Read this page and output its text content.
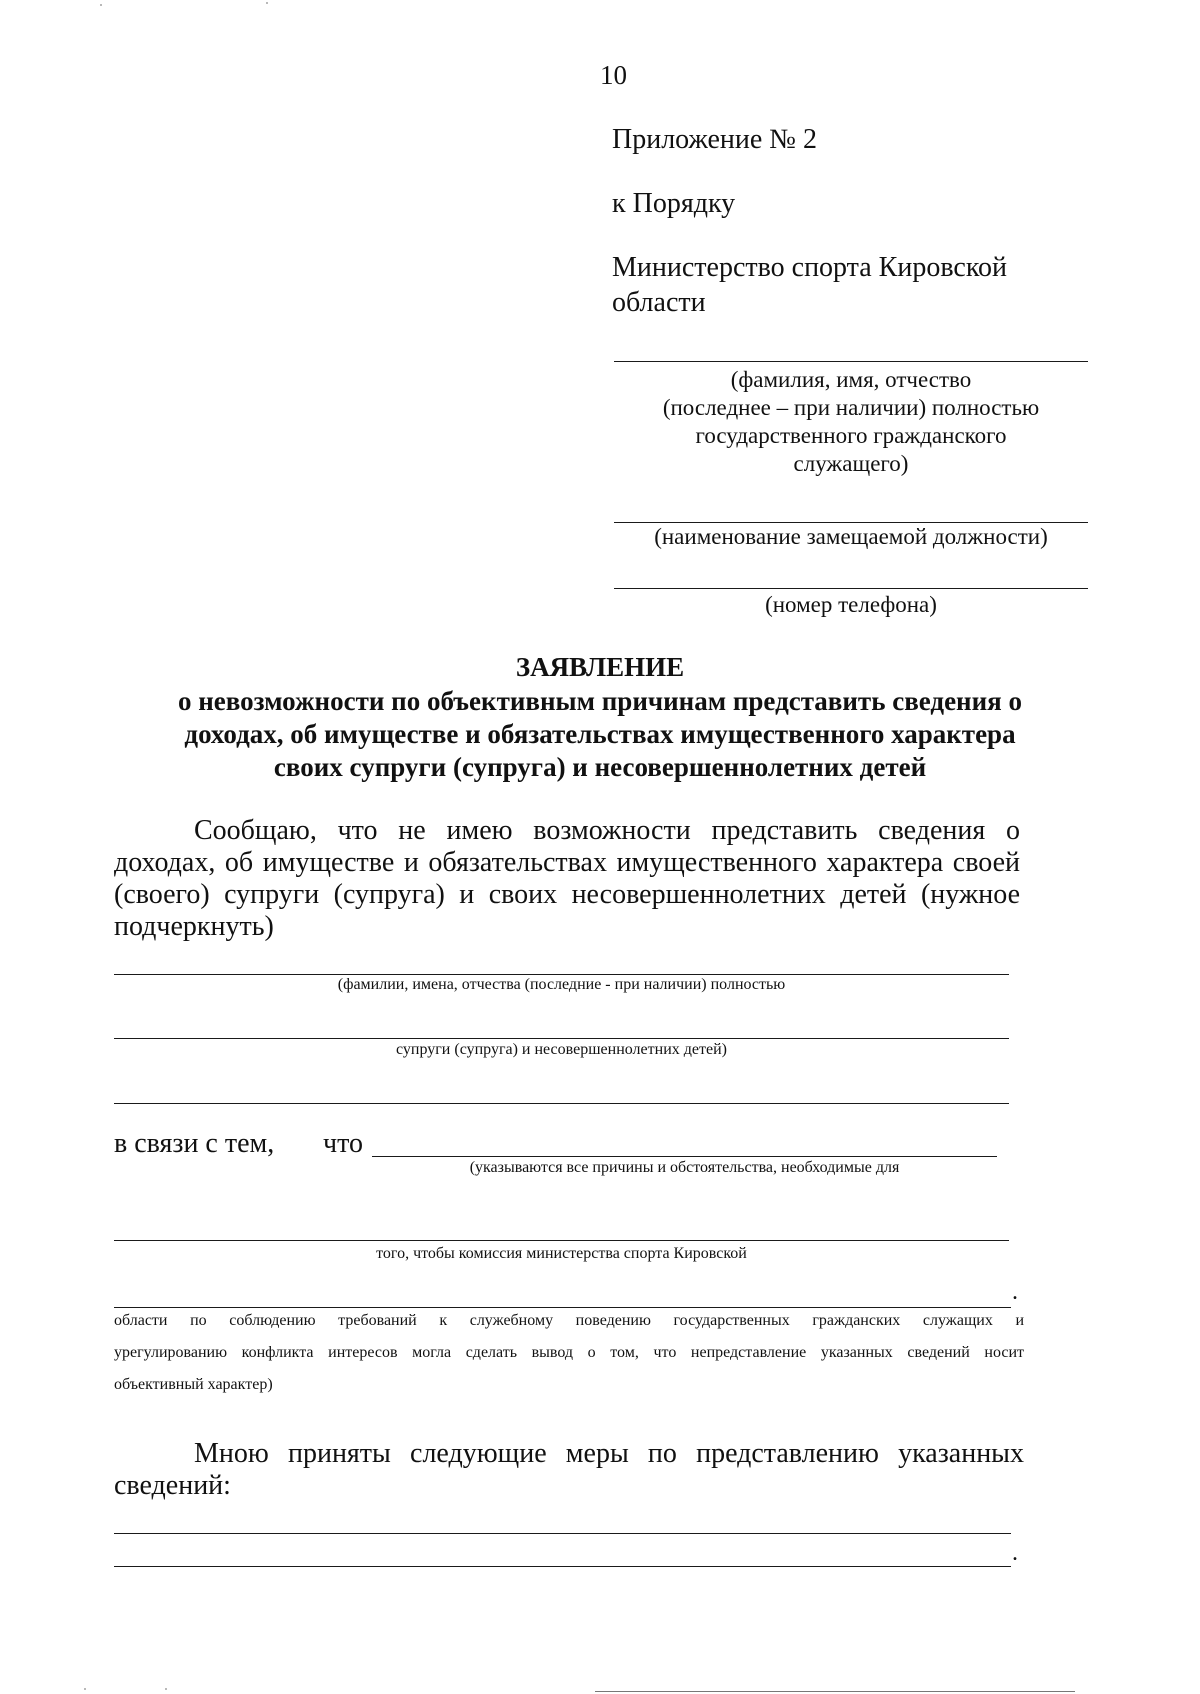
10
Приложение № 2
к Порядку
Министерство спорта Кировской
области
(фамилия, имя, отчество
(последнее – при наличии) полностью
государственного гражданского
служащего)
(наименование замещаемой должности)
(номер телефона)
ЗАЯВЛЕНИЕ
о невозможности по объективным причинам представить сведения о
доходах, об имуществе и обязательствах имущественного характера
своих супруги (супруга) и несовершеннолетних детей
Сообщаю, что не имею возможности представить сведения о
доходах, об имуществе и обязательствах имущественного характера своей
(своего) супруги (супруга) и своих несовершеннолетних детей (нужное
подчеркнуть)
(фамилии, имена, отчества (последние - при наличии) полностью
супруги (супруга) и несовершеннолетних детей)
в связи с тем, что
(указываются все причины и обстоятельства, необходимые для
того, чтобы комиссия министерства спорта Кировской
.
области по соблюдению требований к служебному поведению государственных гражданских служащих и
урегулированию конфликта интересов могла сделать вывод о том, что непредставление указанных сведений носит
объективный характер)
Мною приняты следующие меры по представлению указанных
сведений:
.
